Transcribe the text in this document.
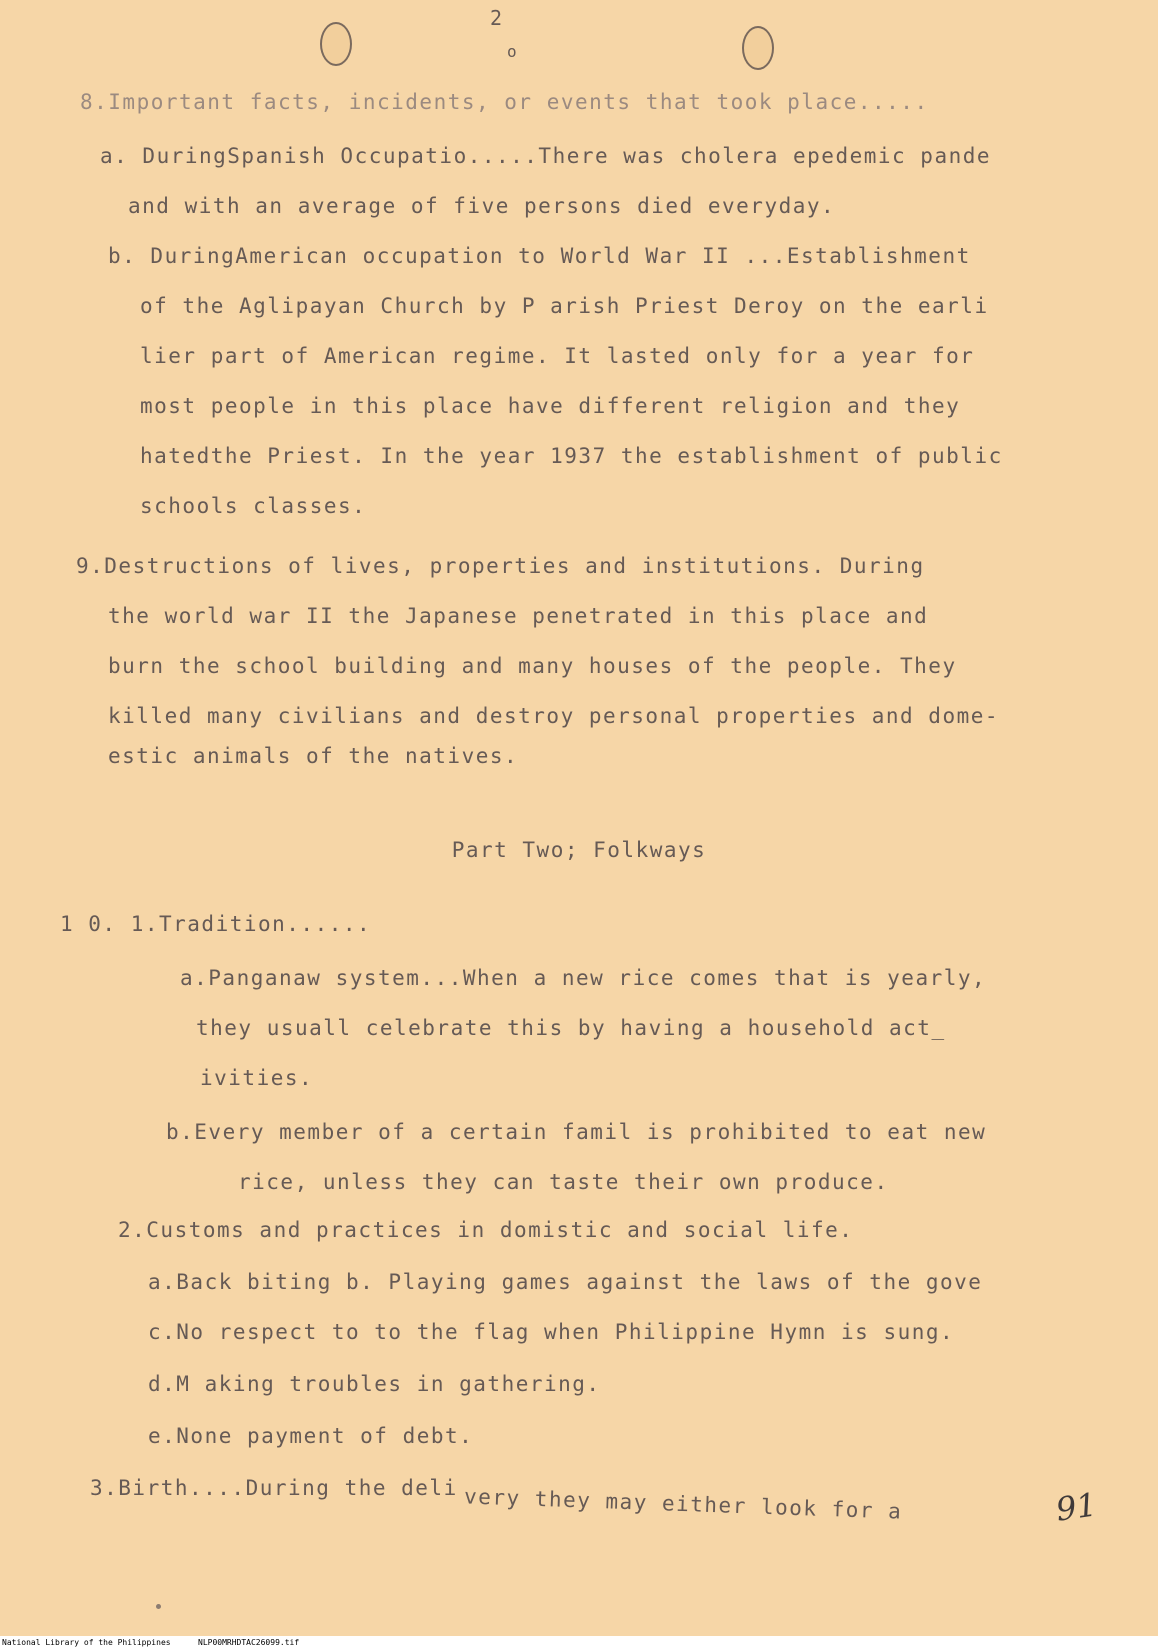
2
o
8.Important facts, incidents, or events that took place.....
a. DuringSpanish Occupatio.....There was cholera epedemic pande
and with an average of five persons died everyday.
b. DuringAmerican occupation to World War II ...Establishment
of the Aglipayan Church by P arish Priest Deroy on the earli
lier part of American regime. It lasted only for a year for
most people in this place have different religion and they
hatedthe Priest. In the year 1937 the establishment of public
schools classes.
9.Destructions of lives, properties and institutions. During
the world war II the Japanese penetrated in this place and
burn the school building and many houses of the people. They
killed many civilians and destroy personal properties and dome-
estic animals of the natives.
Part Two; Folkways
1 0. 1.Tradition......
a.Panganaw system...When a new rice comes that is yearly,
they usuall celebrate this by having a household act_
ivities.
b.Every member of a certain famil is prohibited to eat new
rice, unless they can taste their own produce.
2.Customs and practices in domistic and social life.
a.Back biting b. Playing games against the laws of the gove
c.No respect to to the flag when Philippine Hymn is sung.
d.M aking troubles in gathering.
e.None payment of debt.
3.Birth....During the deli very they may either look for a	91
National Library of the Philippines	NLP00MRHDTAC26099.tif
